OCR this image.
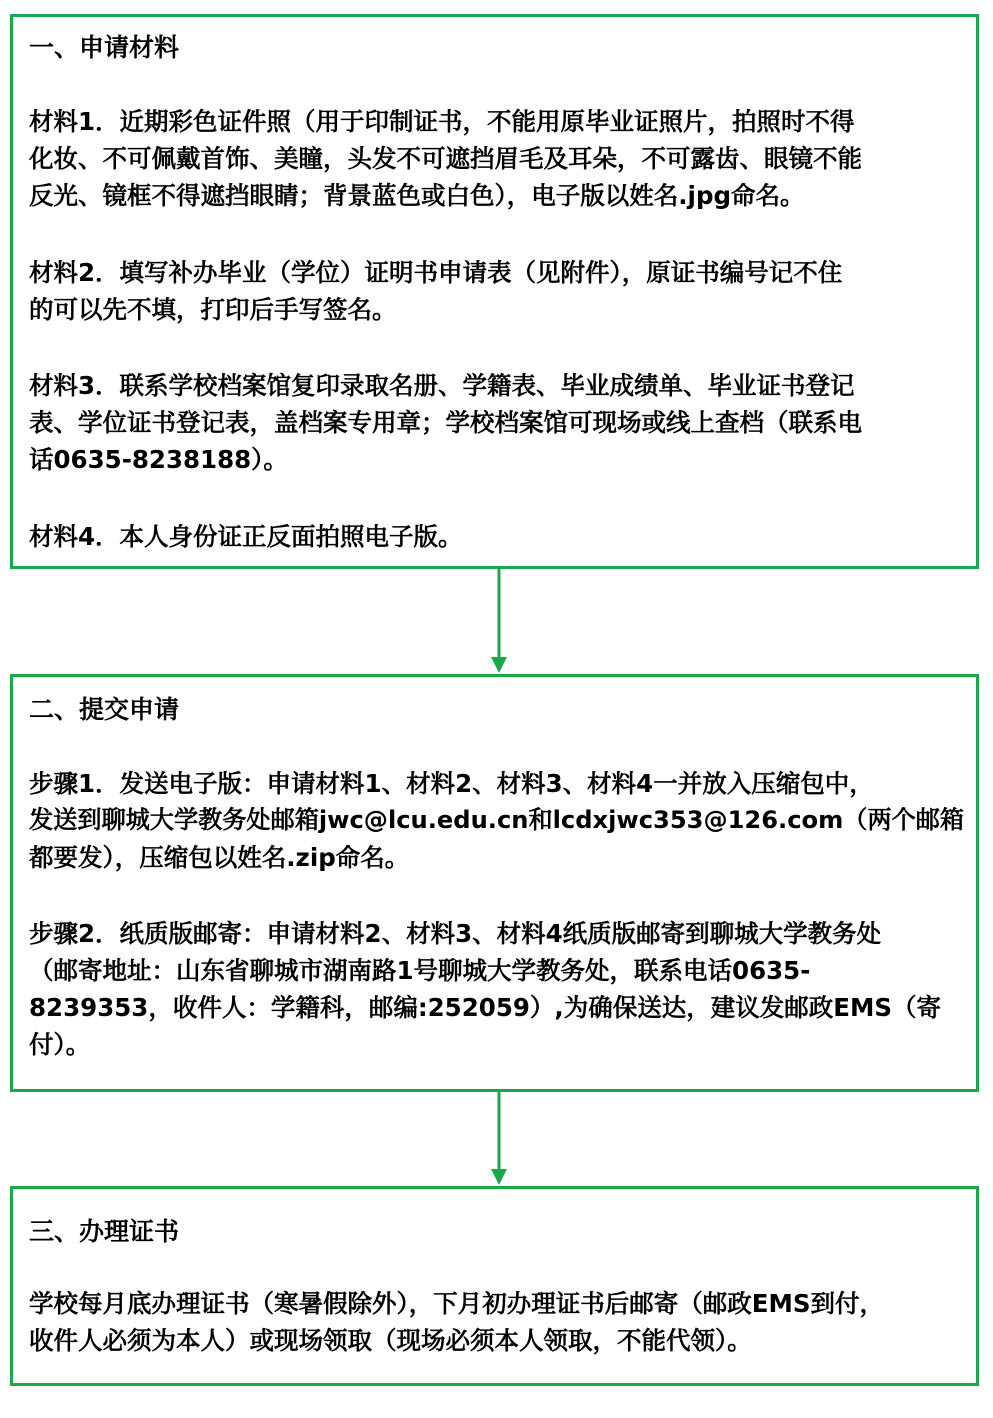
一、申请材料
材料1．近期彩色证件照（用于印制证书，不能用原毕业证照片，拍照时不得
化妆、不可佩戴首饰、美瞳，头发不可遮挡眉毛及耳朵，不可露齿、眼镜不能
反光、镜框不得遮挡眼睛；背景蓝色或白色），电子版以姓名.jpg命名。
材料2．填写补办毕业（学位）证明书申请表（见附件），原证书编号记不住
的可以先不填，打印后手写签名。
材料3．联系学校档案馆复印录取名册、学籍表、毕业成绩单、毕业证书登记
表、学位证书登记表，盖档案专用章；学校档案馆可现场或线上查档（联系电
话0635-8238188）。
材料4．本人身份证正反面拍照电子版。
二、提交申请
步骤1．发送电子版：申请材料1、材料2、材料3、材料4一并放入压缩包中，
发送到聊城大学教务处邮箱jwc@lcu.edu.cn和lcdxjwc353@126.com（两个邮箱
都要发），压缩包以姓名.zip命名。
步骤2．纸质版邮寄：申请材料2、材料3、材料4纸质版邮寄到聊城大学教务处
（邮寄地址：山东省聊城市湖南路1号聊城大学教务处，联系电话0635-
8239353，收件人：学籍科，邮编:252059）,为确保送达，建议发邮政EMS（寄
付）。
三、办理证书
学校每月底办理证书（寒暑假除外），下月初办理证书后邮寄（邮政EMS到付，
收件人必须为本人）或现场领取（现场必须本人领取，不能代领）。
